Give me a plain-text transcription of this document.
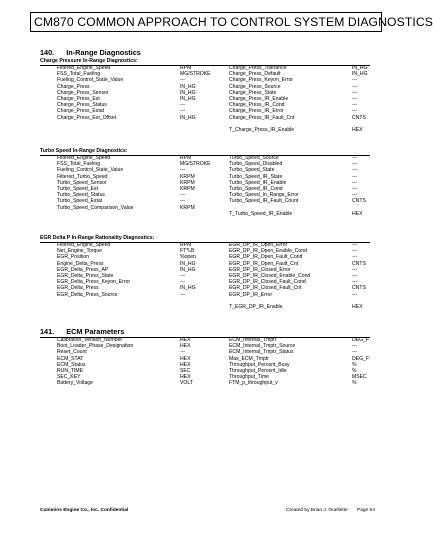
CM870 COMMON APPROACH TO CONTROL SYSTEM DIAGNOSTICS
140. In-Range Diagnostics
Charge Pressure In-Range Diagnostics:
Filtered_Engine_Speed	RPM	Charge_Press_Tolerance	IN_HG
FSS_Total_Fueling	MG/STROKE	Charge_Press_Default	IN_HG
Fueling_Control_State_Value	---	Charge_Press_Keyon_Error	---
Charge_Press	IN_HG	Charge_Press_Source	---
Charge_Press_Sensor	IN_HG	Charge_Press_State	---
Charge_Press_Est	IN_HG	Charge_Press_IR_Enable	---
Charge_Press_Status	---	Charge_Press_IR_Cond	---
Charge_Press_Estat	---	Charge_Press_IR_Error	---
Charge_Press_Est_Offset	IN_HG	Charge_Press_IR_Fault_Cnt	CNTS
T_Charge_Press_IR_Enable	HEX
Turbo Speed In-Range Diagnostics:
Filtered_Engine_Speed	RPM	Turbo_Speed_Source	---
FSS_Total_Fueling	MG/STROKE	Turbo_Speed_Disabled	---
Fueling_Control_State_Value	---	Turbo_Speed_State	---
Filtered_Turbo_Speed	KRPM	Turbo_Speed_IR_State	---
Turbo_Speed_Sensor	KRPM	Turbo_Speed_IR_Enable	---
Turbo_Speed_Est	KRPM	Turbo_Speed_IR_Cond	---
Turbo_Speed_Status	---	Turbo_Speed_In_Range_Error	---
Turbo_Speed_Estat	---	Turbo_Speed_IR_Fault_Count	CNTS
Turbo_Speed_Comparison_Value	KRPM
T_Turbo_Speed_IR_Enable	HEX
EGR Delta P In-Range Rationality Diagnostics:
Filtered_Engine_Speed	RPM	EGR_DP_IR_Open_Error	---
Net_Engine_Torque	FT*LB	EGR_DP_IR_Open_Enable_Cond	---
EGR_Position	%open	EGR_DP_IR_Open_Fault_Cond	---
Engine_Delta_Press	IN_HG	EGR_DP_IR_Open_Fault_Cnt	CNTS
EGR_Delta_Press_AP	IN_HG	EGR_DP_IR_Closed_Error	---
EGR_Delta_Press_State	---	EGR_DP_IR_Closed_Enable_Cond	---
EGR_Delta_Press_Keyon_Error	---	EGR_DP_IR_Closed_Fault_Cond	---
EGR_Delta_Press	IN_HG	EGR_DP_IR_Closed_Fault_Cnt	CNTS
EGR_Delta_Press_Source	---	EGR_DP_IR_Error	---
T_EGR_DP_IR_Enable	HEX
141. ECM Parameters
Calibration_Version_Number	HEX	ECM_Internal_Tmptr	DEG_F
Boot_Loader_Phase_Designation	HEX	ECM_Internal_Tmptr_Source	---
Reset_Count	---	ECM_Internal_Tmptr_Status	---
ECM_STAT	HEX	Max_ECM_Tmptr	DEG_F
ECM_Status	HEX	Throughput_Percent_Busy	%
RUN_TIME	SEC	Throughput_Percent_Idle	%
SEC_KEY	HEX	Throughput_Time	MSEC
Battery_Voltage	VOLT	FTM_p_throughput_v	%
Cummins Engine Co., Inc. Confidential	Created by Brian J. Ouellette Page 54
